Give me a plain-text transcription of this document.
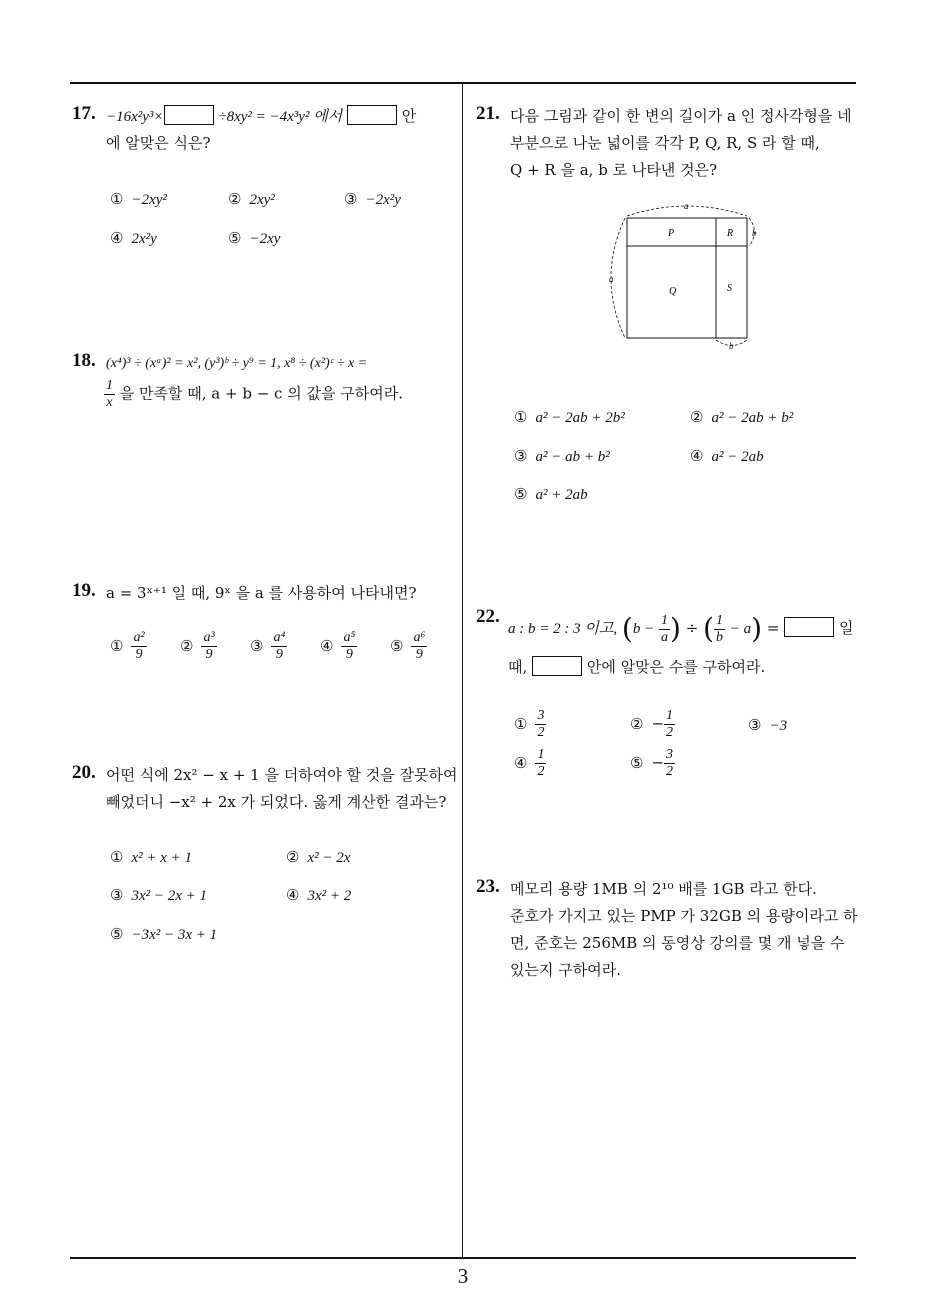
17. −16x²y³×	÷8xy² = −4x³y² 에서	안
에 알맞은 식은?
① −2xy²	② 2xy²	③ −2x²y
④ 2x²y	⑤ −2xy
18. (x⁴)³ ÷ (xᵃ)² = x², (y³)ᵇ ÷ y⁹ = 1, x⁸ ÷ (x²)ᶜ ÷ x =
$\frac{1}{x}$ 을 만족할 때, a + b − c 의 값을 구하여라.
19. a = 3ˣ⁺¹ 일 때, 9ˣ 을 a 를 사용하여 나타내면?
① $\frac{\text{a²}}{9}$ ② $\frac{\text{a³}}{9}$ ③ $\frac{\text{a⁴}}{9}$ ④ $\frac{\text{a⁵}}{9}$ ⑤ $\frac{\text{a⁶}}{9}$
20. 어떤 식에 2x² − x + 1 을 더하여야 할 것을 잘못하여
빼었더니 −x² + 2x 가 되었다. 옳게 계산한 결과는?
① x² + x + 1	② x² − 2x
③ 3x² − 2x + 1	④ 3x² + 2
⑤ −3x² − 3x + 1
21. 다음 그림과 같이 한 변의 길이가 a 인 정사각형을 네
부분으로 나눈 넓이를 각각 P, Q, R, S 라 할 때,
Q + R 을 a, b 로 나타낸 것은?
a
a
b
b
P	R
Q	S
① a² − 2ab + 2b²	② a² − 2ab + b²
③ a² − ab + b²	④ a² − 2ab
⑤ a² + 2ab
22.
a : b = 2 : 3 이고, ($b - \frac{1}{a}$ ) ÷ ( $\frac{1}{b} - a$) =	일
때,	안에 알맞은 수를 구하여라.
① $\frac{3}{2}$	② − $\frac{1}{2}$	③ −3
④ $\frac{1}{2}$	⑤ − $\frac{3}{2}$
23. 메모리 용량 1MB 의 2¹⁰ 배를 1GB 라고 한다.
준호가 가지고 있는 PMP 가 32GB 의 용량이라고 하
면, 준호는 256MB 의 동영상 강의를 몇 개 넣을 수
있는지 구하여라.
3
